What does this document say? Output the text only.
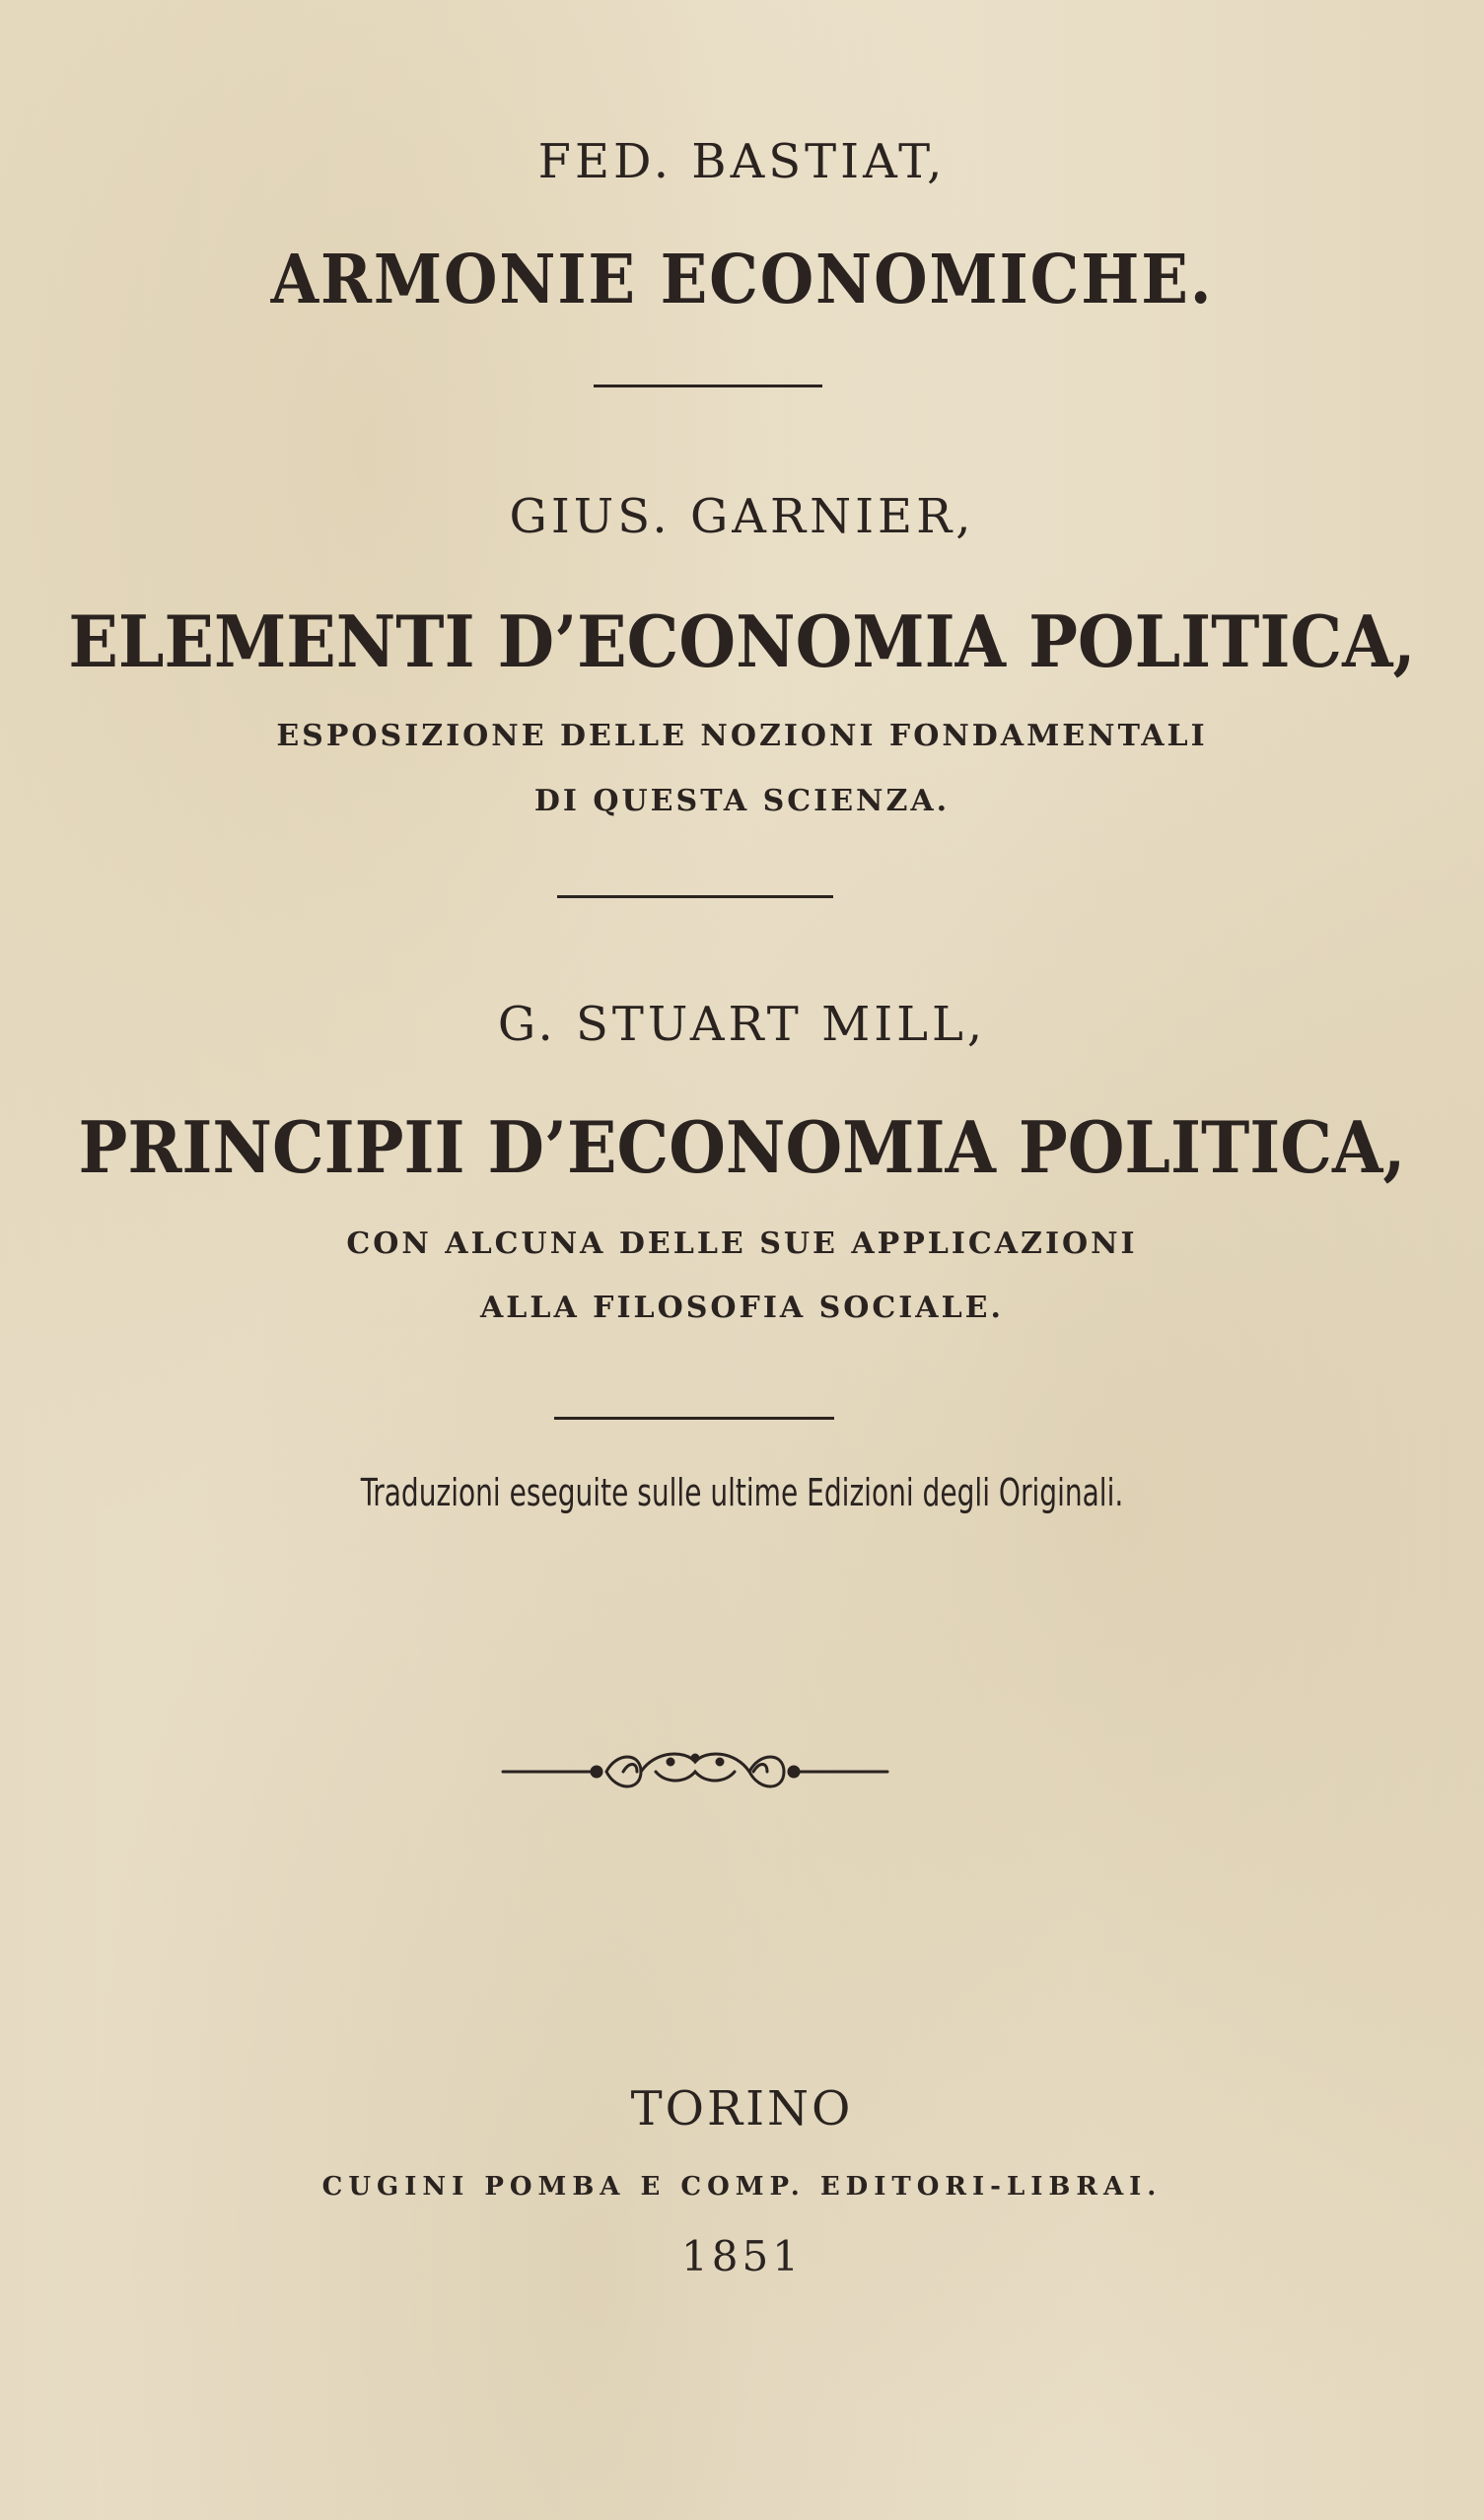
FED. BASTIAT,
ARMONIE ECONOMICHE.
GIUS. GARNIER,
ELEMENTI D’ECONOMIA POLITICA,
ESPOSIZIONE DELLE NOZIONI FONDAMENTALI
DI QUESTA SCIENZA.
G. STUART MILL,
PRINCIPII D’ECONOMIA POLITICA,
CON ALCUNA DELLE SUE APPLICAZIONI
ALLA FILOSOFIA SOCIALE.
Traduzioni eseguite sulle ultime Edizioni degli Originali.
TORINO
CUGINI POMBA E COMP. EDITORI-LIBRAI.
1851
